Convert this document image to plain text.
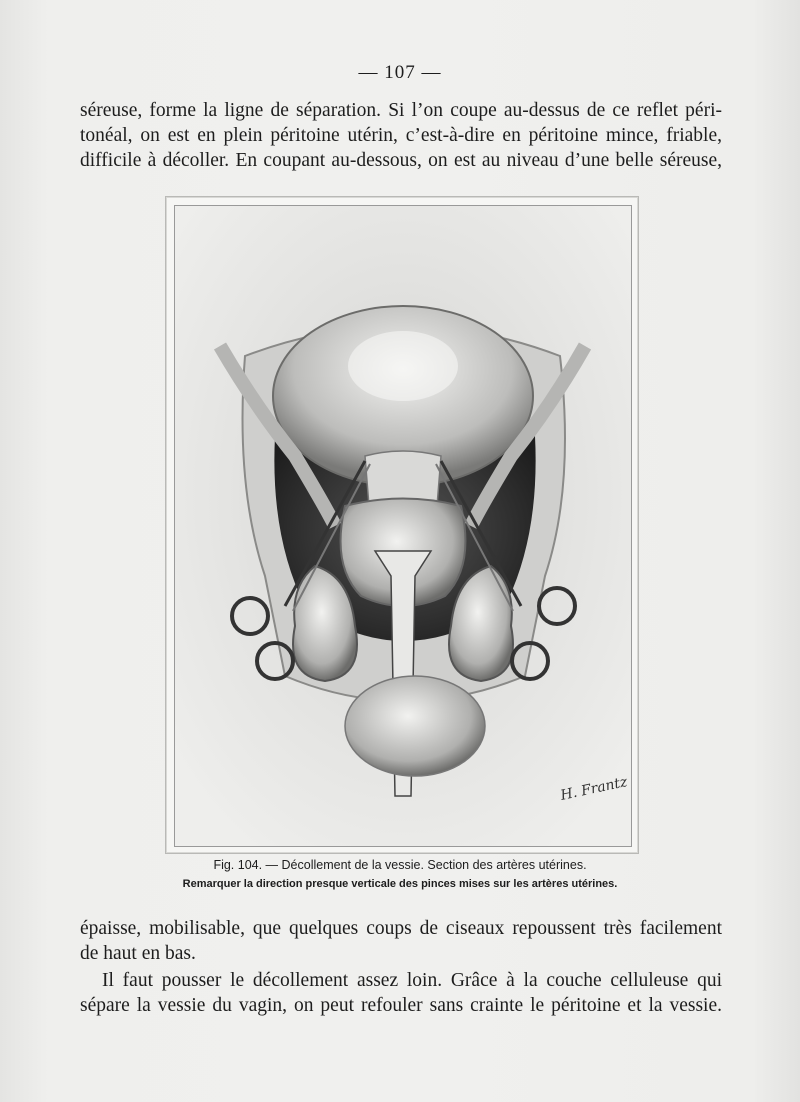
— 107 —

séreuse, forme la ligne de séparation. Si l’on coupe au-dessus de ce reflet péri-
tonéal, on est en plein péritoine utérin, c’est-à-dire en péritoine mince, friable,
difficile à décoller. En coupant au-dessous, on est au niveau d’une belle séreuse,

H. Frantz
Fig. 104. — Décollement de la vessie. Section des artères utérines.
Remarquer la direction presque verticale des pinces mises sur les artères utérines.

épaisse, mobilisable, que quelques coups de ciseaux repoussent très facilement
de haut en bas.

Il faut pousser le décollement assez loin. Grâce à la couche celluleuse qui
sépare la vessie du vagin, on peut refouler sans crainte le péritoine et la vessie.
